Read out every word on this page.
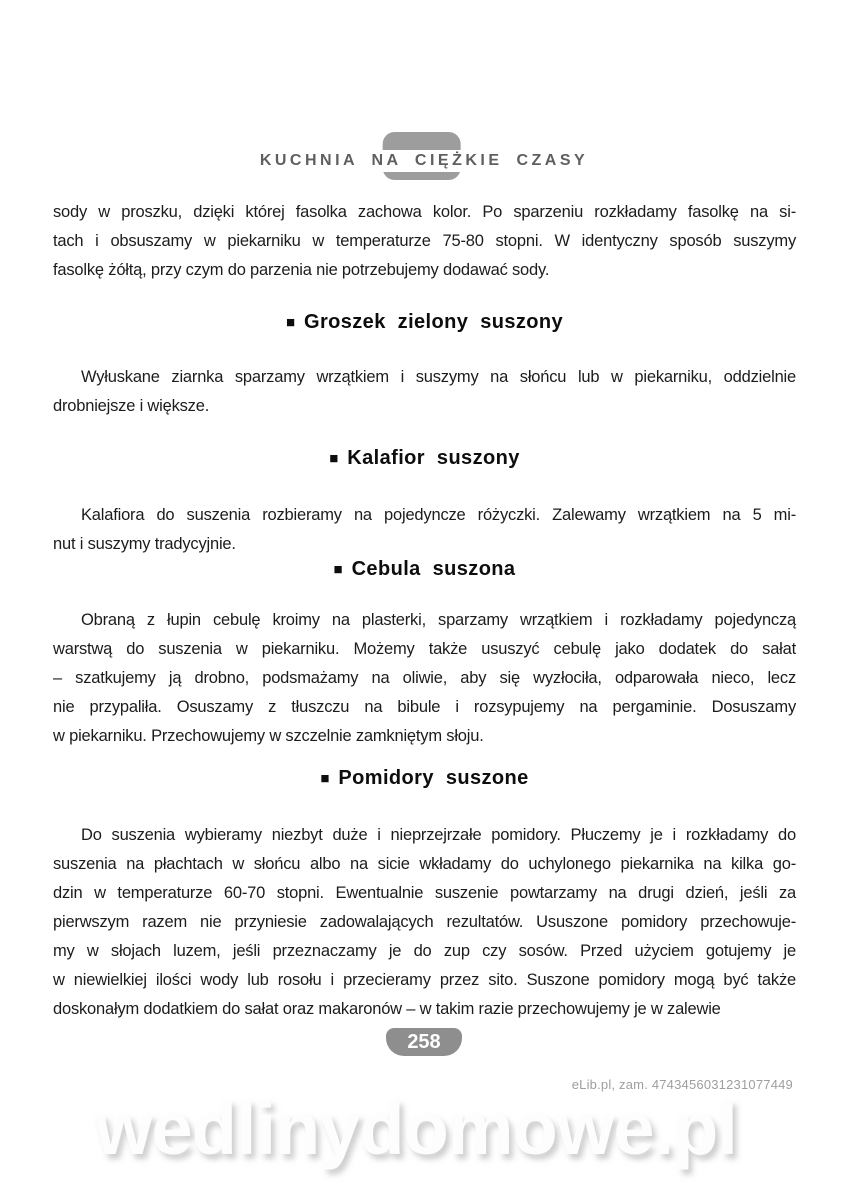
KUCHNIA NA CIĘŻKIE CZASY
sody w proszku, dzięki której fasolka zachowa kolor. Po sparzeniu rozkładamy fasolkę na si-
tach i obsuszamy w piekarniku w temperaturze 75-80 stopni. W identyczny sposób suszymy
fasolkę żółtą, przy czym do parzenia nie potrzebujemy dodawać sody.
■ Groszek zielony suszony
Wyłuskane ziarnka sparzamy wrzątkiem i suszymy na słońcu lub w piekarniku, oddzielnie
drobniejsze i większe.
■ Kalafior suszony
Kalafiora do suszenia rozbieramy na pojedyncze różyczki. Zalewamy wrzątkiem na 5 mi-
nut i suszymy tradycyjnie.
■ Cebula suszona
Obraną z łupin cebulę kroimy na plasterki, sparzamy wrzątkiem i rozkładamy pojedynczą
warstwą do suszenia w piekarniku. Możemy także ususzyć cebulę jako dodatek do sałat
– szatkujemy ją drobno, podsmażamy na oliwie, aby się wyzłociła, odparowała nieco, lecz
nie przypaliła. Osuszamy z tłuszczu na bibule i rozsypujemy na pergaminie. Dosuszamy
w piekarniku. Przechowujemy w szczelnie zamkniętym słoju.
■ Pomidory suszone
Do suszenia wybieramy niezbyt duże i nieprzejrzałe pomidory. Płuczemy je i rozkładamy do
suszenia na płachtach w słońcu albo na sicie wkładamy do uchylonego piekarnika na kilka go-
dzin w temperaturze 60-70 stopni. Ewentualnie suszenie powtarzamy na drugi dzień, jeśli za
pierwszym razem nie przyniesie zadowalających rezultatów. Ususzone pomidory przechowuje-
my w słojach luzem, jeśli przeznaczamy je do zup czy sosów. Przed użyciem gotujemy je
w niewielkiej ilości wody lub rosołu i przecieramy przez sito. Suszone pomidory mogą być także
doskonałym dodatkiem do sałat oraz makaronów – w takim razie przechowujemy je w zalewie
258
wedlinydomowe.pl
eLib.pl, zam. 4743456031231077449
